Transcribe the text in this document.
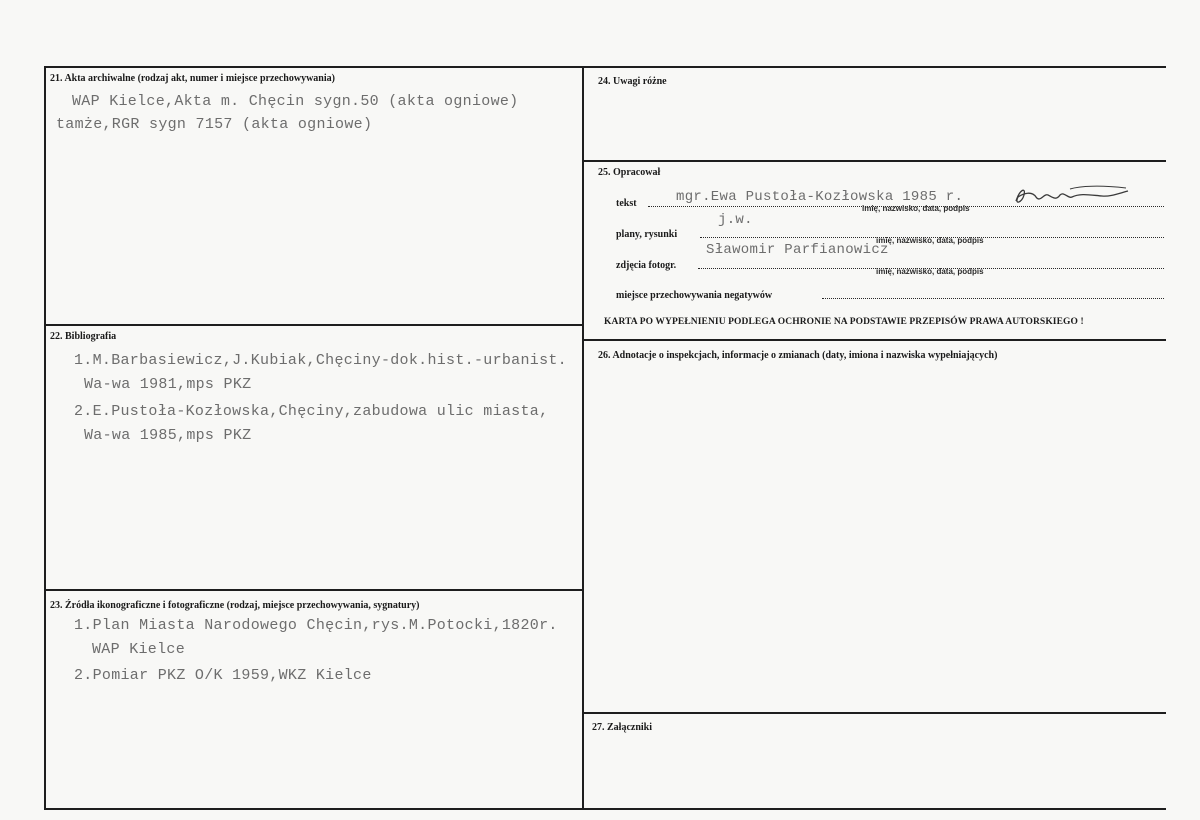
21. Akta archiwalne (rodzaj akt, numer i miejsce przechowywania)
WAP Kielce,Akta m. Chęcin sygn.50 (akta ogniowe)
tamże,RGR sygn 7157 (akta ogniowe)
22. Bibliografia
1.M.Barbasiewicz,J.Kubiak,Chęciny-dok.hist.-urbanist.
Wa-wa 1981,mps PKZ
2.E.Pustoła-Kozłowska,Chęciny,zabudowa ulic miasta,
Wa-wa 1985,mps PKZ
23. Źródła ikonograficzne i fotograficzne (rodzaj, miejsce przechowywania, sygnatury)
1.Plan Miasta Narodowego Chęcin,rys.M.Potocki,1820r.
WAP Kielce
2.Pomiar PKZ O/K 1959,WKZ Kielce
24. Uwagi różne
25. Opracował
tekst	mgr.Ewa Pustoła-Kozłowska 1985 r.
imię, nazwisko, data, podpis
plany, rysunki
j.w.
imię, nazwisko, data, podpis
zdjęcia fotogr.
Sławomir Parfianowicz
imię, nazwisko, data, podpis
miejsce przechowywania negatywów
KARTA PO WYPEŁNIENIU PODLEGA OCHRONIE NA PODSTAWIE PRZEPISÓW PRAWA AUTORSKIEGO !
26. Adnotacje o inspekcjach, informacje o zmianach (daty, imiona i nazwiska wypełniających)
27. Załączniki
